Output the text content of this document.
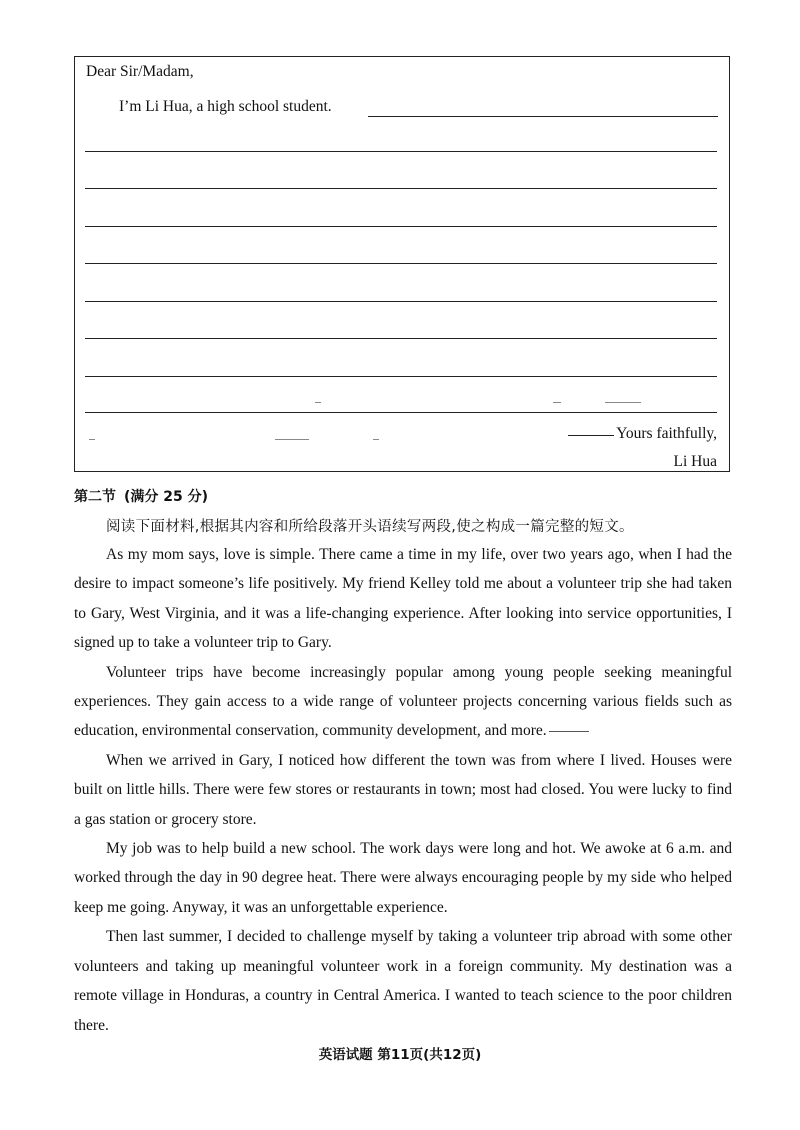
Dear Sir/Madam,
I’m Li Hua, a high school student.
Yours faithfully,
Li Hua
第二节 (满分 25 分)
阅读下面材料,根据其内容和所给段落开头语续写两段,使之构成一篇完整的短文。

As my mom says, love is simple. There came a time in my life, over two years ago, when I had the desire to impact someone’s life positively. My friend Kelley told me about a volunteer trip she had taken to Gary, West Virginia, and it was a life-changing experience. After looking into service opportunities, I signed up to take a volunteer trip to Gary.

Volunteer trips have become increasingly popular among young people seeking meaningful experiences. They gain access to a wide range of volunteer projects concerning various fields such as education, environmental conservation, community development, and more.

When we arrived in Gary, I noticed how different the town was from where I lived. Houses were built on little hills. There were few stores or restaurants in town; most had closed. You were lucky to find a gas station or grocery store.

My job was to help build a new school. The work days were long and hot. We awoke at 6 a.m. and worked through the day in 90 degree heat. There were always encouraging people by my side who helped keep me going. Anyway, it was an unforgettable experience.

Then last summer, I decided to challenge myself by taking a volunteer trip abroad with some other volunteers and taking up meaningful volunteer work in a foreign community. My destination was a remote village in Honduras, a country in Central America. I wanted to teach science to the poor children there.

英语试题 第11页(共12页)
